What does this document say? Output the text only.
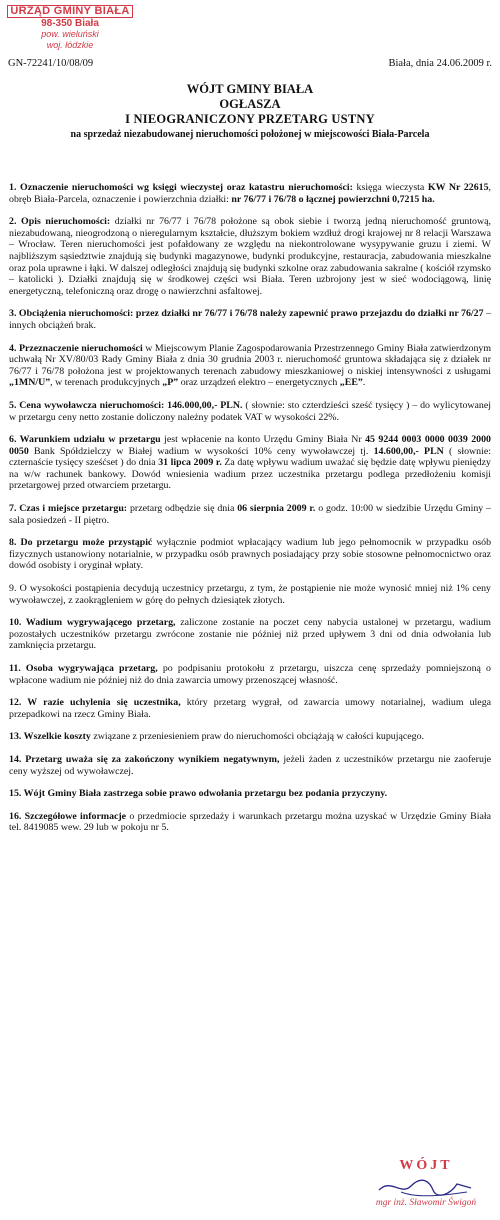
URZĄD GMINY BIAŁA
98-350 Biała
pow. wieluński
woj. łódzkie
GN-72241/10/08/09	Biała, dnia 24.06.2009 r.
WÓJT GMINY BIAŁA
OGŁASZA
I NIEOGRANICZONY PRZETARG USTNY
na sprzedaż niezabudowanej nieruchomości położonej w miejscowości Biała-Parcela

1. Oznaczenie nieruchomości wg księgi wieczystej oraz katastru nieruchomości: księga wieczysta KW Nr 22615, obręb Biała-Parcela, oznaczenie i powierzchnia działki: nr 76/77 i 76/78 o łącznej powierzchni 0,7215 ha.

2. Opis nieruchomości: działki nr 76/77 i 76/78 położone są obok siebie i tworzą jedną nieruchomość gruntową, niezabudowaną, nieogrodzoną o nieregularnym kształcie, dłuższym bokiem wzdłuż drogi krajowej nr 8 relacji Warszawa – Wrocław. Teren nieruchomości jest pofałdowany ze względu na niekontrolowane wysypywanie gruzu i ziemi. W najbliższym sąsiedztwie znajdują się budynki magazynowe, budynki produkcyjne, restauracja, zabudowania mieszkalne oraz pola uprawne i łąki. W dalszej odległości znajdują się budynki szkolne oraz zabudowania sakralne ( kościół rzymsko – katolicki ). Działki znajdują się w środkowej części wsi Biała. Teren uzbrojony jest w sieć wodociągową, linię energetyczną, telefoniczną oraz drogę o nawierzchni asfaltowej.

3. Obciążenia nieruchomości: przez działki nr 76/77 i 76/78 należy zapewnić prawo przejazdu do działki nr 76/27 – innych obciążeń brak.

4. Przeznaczenie nieruchomości w Miejscowym Planie Zagospodarowania Przestrzennego Gminy Biała zatwierdzonym uchwałą Nr XV/80/03 Rady Gminy Biała z dnia 30 grudnia 2003 r. nieruchomość gruntowa składająca się z działek nr 76/77 i 76/78 położona jest w projektowanych terenach zabudowy mieszkaniowej o niskiej intensywności z usługami „1MN/U”, w terenach produkcyjnych „P” oraz urządzeń elektro – energetycznych „EE”.

5. Cena wywoławcza nieruchomości: 146.000,00,- PLN. ( słownie: sto czterdzieści sześć tysięcy ) – do wylicytowanej w przetargu ceny netto zostanie doliczony należny podatek VAT w wysokości 22%.

6. Warunkiem udziału w przetargu jest wpłacenie na konto Urzędu Gminy Biała Nr 45 9244 0003 0000 0039 2000 0050 Bank Spółdzielczy w Białej wadium w wysokości 10% ceny wywoławczej tj. 14.600,00,- PLN ( słownie: czternaście tysięcy sześćset ) do dnia 31 lipca 2009 r. Za datę wpływu wadium uważać się będzie datę wpływu pieniędzy na w/w rachunek bankowy. Dowód wniesienia wadium przez uczestnika przetargu podlega przedłożeniu komisji przetargowej przed otwarciem przetargu.

7. Czas i miejsce przetargu: przetarg odbędzie się dnia 06 sierpnia 2009 r. o godz. 10:00 w siedzibie Urzędu Gminy – sala posiedzeń - II piętro.

8. Do przetargu może przystąpić wyłącznie podmiot wpłacający wadium lub jego pełnomocnik w przypadku osób fizycznych ustanowiony notarialnie, w przypadku osób prawnych posiadający przy sobie stosowne pełnomocnictwo oraz dowód osobisty i oryginał wpłaty.

9. O wysokości postąpienia decydują uczestnicy przetargu, z tym, że postąpienie nie może wynosić mniej niż 1% ceny wywoławczej, z zaokrągleniem w górę do pełnych dziesiątek złotych.

10. Wadium wygrywającego przetarg, zaliczone zostanie na poczet ceny nabycia ustalonej w przetargu, wadium pozostałych uczestników przetargu zwrócone zostanie nie później niż przed upływem 3 dni od dnia odwołania lub zamknięcia przetargu.

11. Osoba wygrywająca przetarg, po podpisaniu protokołu z przetargu, uiszcza cenę sprzedaży pomniejszoną o wpłacone wadium nie później niż do dnia zawarcia umowy przenoszącej własność.

12. W razie uchylenia się uczestnika, który przetarg wygrał, od zawarcia umowy notarialnej, wadium ulega przepadkowi na rzecz Gminy Biała.

13. Wszelkie koszty związane z przeniesieniem praw do nieruchomości obciążają w całości kupującego.

14. Przetarg uważa się za zakończony wynikiem negatywnym, jeżeli żaden z uczestników przetargu nie zaoferuje ceny wyższej od wywoławczej.

15. Wójt Gminy Biała zastrzega sobie prawo odwołania przetargu bez podania przyczyny.

16. Szczegółowe informacje o przedmiocie sprzedaży i warunkach przetargu można uzyskać w Urzędzie Gminy Biała tel. 8419085 wew. 29 lub w pokoju nr 5.

WÓJT
mgr inż. Sławomir Świgoń
